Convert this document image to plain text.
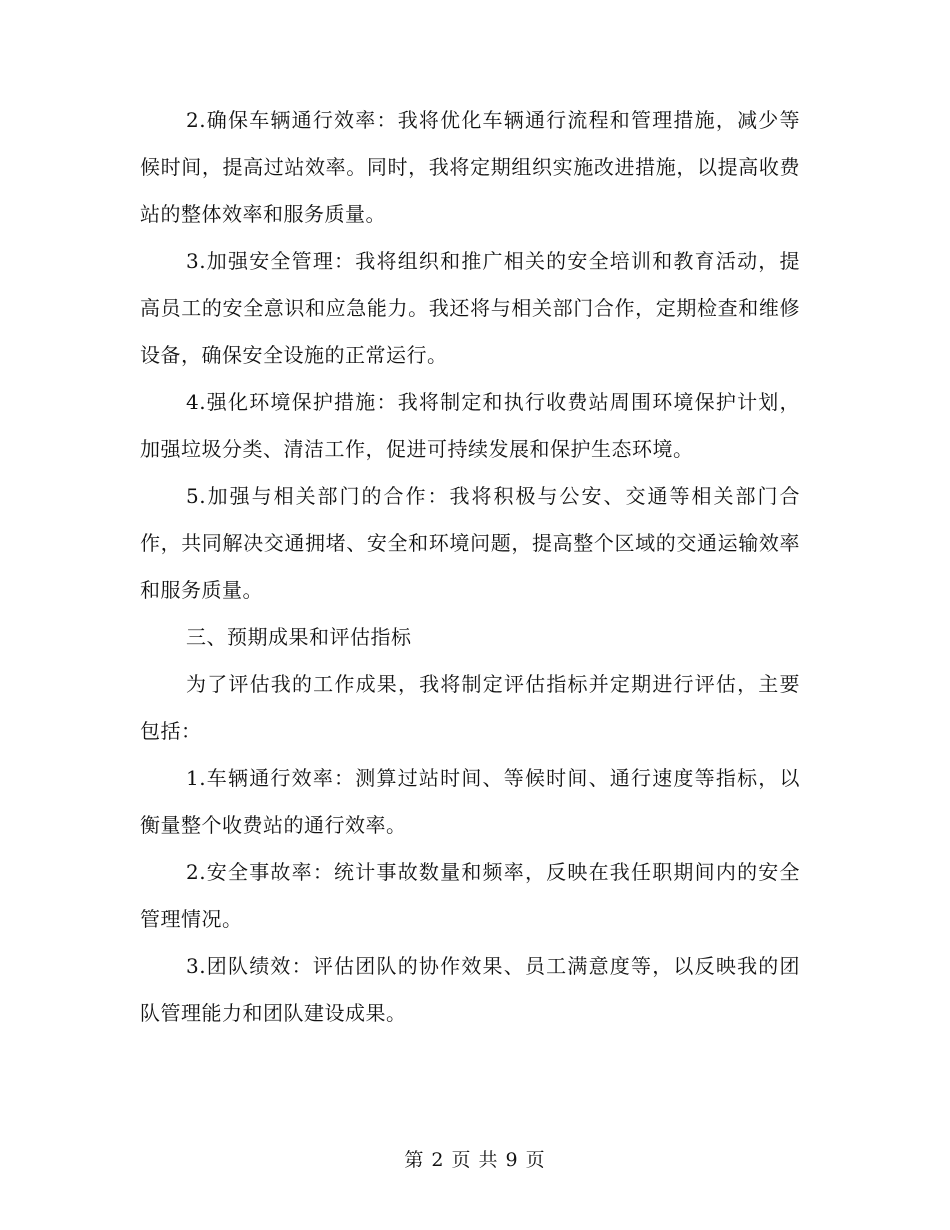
2.确保车辆通行效率：我将优化车辆通行流程和管理措施，减少等候时间，提高过站效率。同时，我将定期组织实施改进措施，以提高收费站的整体效率和服务质量。

3.加强安全管理：我将组织和推广相关的安全培训和教育活动，提高员工的安全意识和应急能力。我还将与相关部门合作，定期检查和维修设备，确保安全设施的正常运行。

4.强化环境保护措施：我将制定和执行收费站周围环境保护计划，加强垃圾分类、清洁工作，促进可持续发展和保护生态环境。

5.加强与相关部门的合作：我将积极与公安、交通等相关部门合作，共同解决交通拥堵、安全和环境问题，提高整个区域的交通运输效率和服务质量。

三、预期成果和评估指标

为了评估我的工作成果，我将制定评估指标并定期进行评估，主要包括：

1.车辆通行效率：测算过站时间、等候时间、通行速度等指标，以衡量整个收费站的通行效率。

2.安全事故率：统计事故数量和频率，反映在我任职期间内的安全管理情况。

3.团队绩效：评估团队的协作效果、员工满意度等，以反映我的团队管理能力和团队建设成果。

第 2 页 共 9 页
